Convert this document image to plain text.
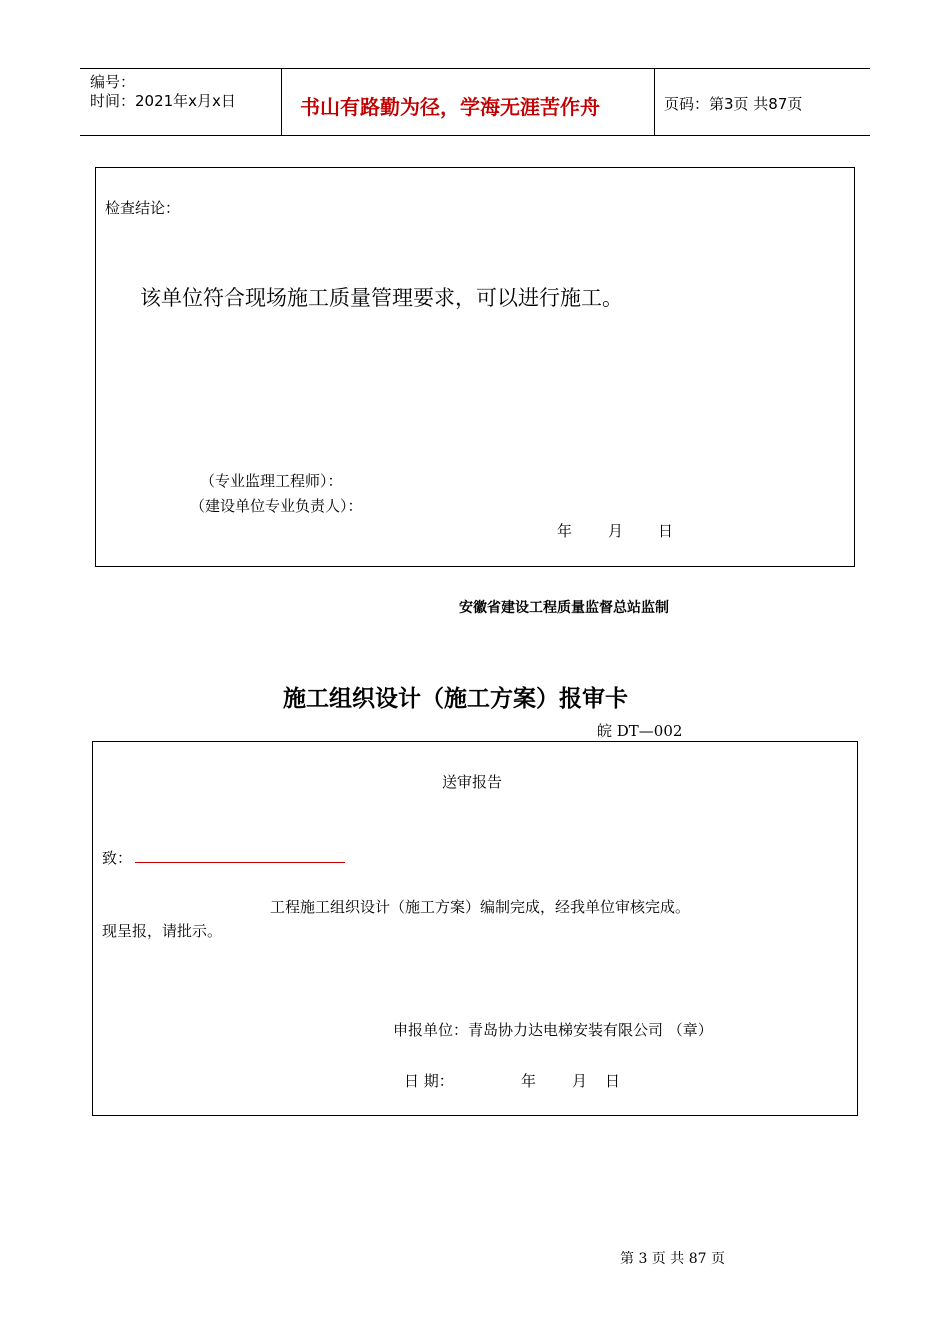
编号：
时间：2021年x月x日	书山有路勤为径，学海无涯苦作舟	页码：第3页 共87页
检查结论：
该单位符合现场施工质量管理要求，可以进行施工。
（专业监理工程师）：
（建设单位专业负责人）：
年 月 日
安徽省建设工程质量监督总站监制
施工组织设计（施工方案）报审卡
皖 DT—002
送审报告
致：
工程施工组织设计（施工方案）编制完成，经我单位审核完成。
现呈报，请批示。
申报单位：青岛协力达电梯安装有限公司 （章）
日 期：	年 月 日
第 3 页 共 87 页
